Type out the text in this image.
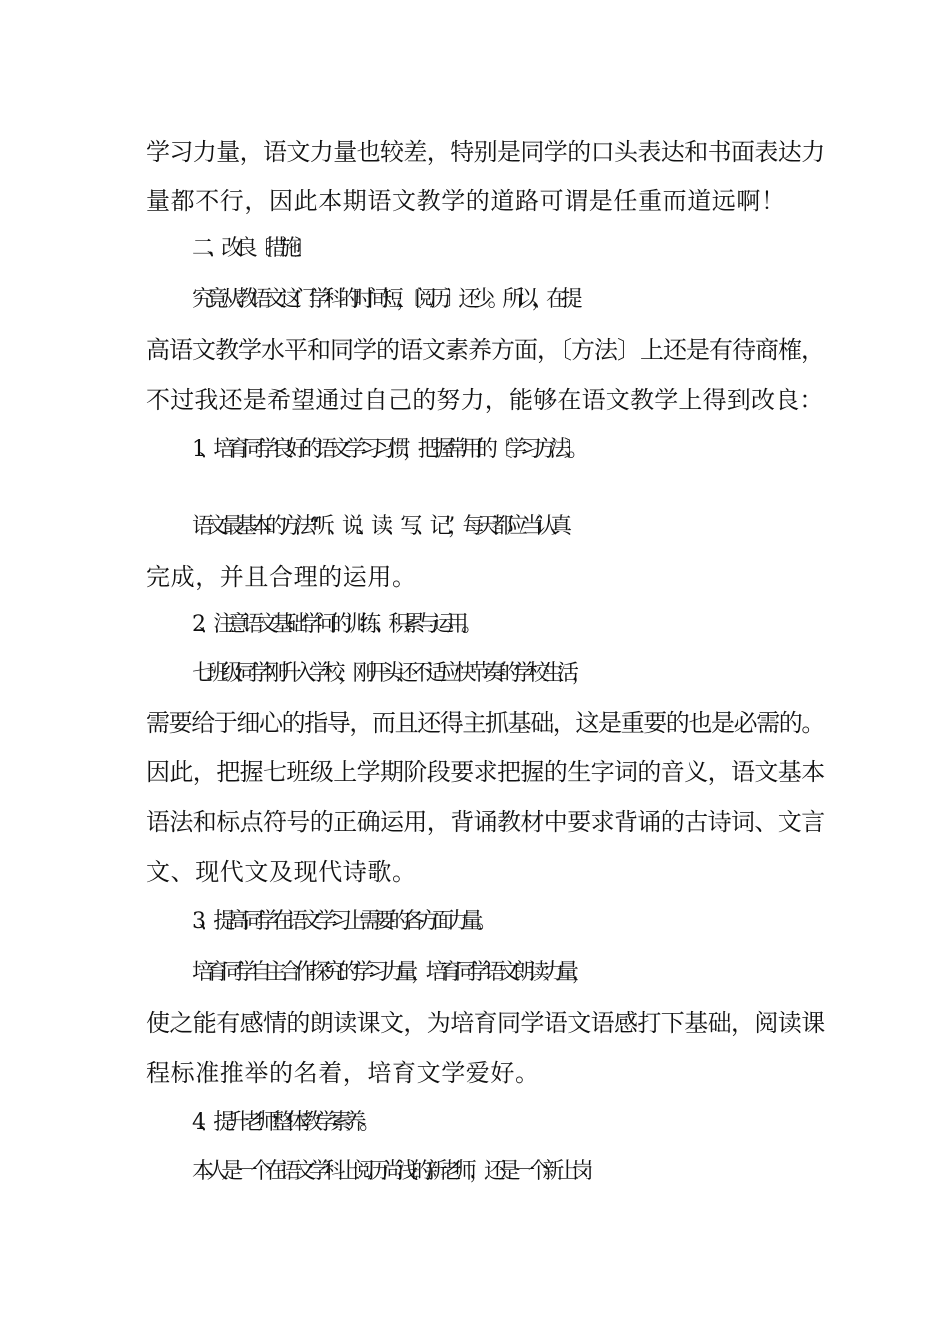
学习力量，语文力量也较差，特别是同学的口头表达和书面表达力
量都不行，因此本期语文教学的道路可谓是任重而道远啊！
二、改良〔措施〕
究竟从教语文这门学科的时间短，〔阅历〕还少。所以，在提
高语文教学水平和同学的语文素养方面，〔方法〕上还是有待商榷，
不过我还是希望通过自己的努力，能够在语文教学上得到改良：
1、培育同学良好的语文学习习惯，把握常用的〔学习方法〕。
语文最基本的方法“听、说、读、写、记”，每天都应当认真
完成，并且合理的运用。
2、注意语文基础学问的训练、积累与运用。
七班级同学刚升入学校，刚开头还不适应快节奏的学校生活，
需要给于细心的指导，而且还得主抓基础，这是重要的也是必需的。
因此，把握七班级上学期阶段要求把握的生字词的音义，语文基本
语法和标点符号的正确运用，背诵教材中要求背诵的古诗词、文言
文、现代文及现代诗歌。
3、提高同学在语文学习上需要的各方面力量。
培育同学自主合作探究的学习力量，培育同学语文朗读力量，
使之能有感情的朗读课文，为培育同学语文语感打下基础，阅读课
程标准推举的名着，培育文学爱好。
4、提升老师整体教学素养。
本人是一个在语文学科上阅历尚浅的新老师，还是一个新上岗
